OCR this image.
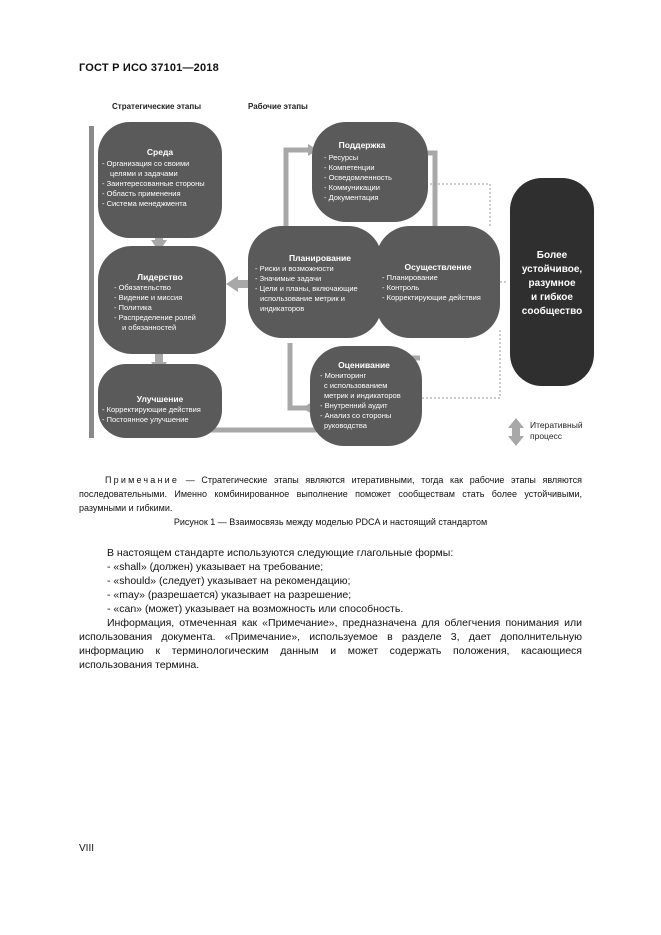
ГОСТ Р ИСО 37101—2018
Стратегические этапы	Рабочие этапы
Среда
- Организация со своими
целями и задачами
- Заинтересованные стороны
- Область применения
- Система менеджмента
Лидерство
- Обязательство
- Видение и миссия
- Политика
- Распределение ролей
и обязанностей
Улучшение
- Корректирующие действия
- Постоянное улучшение
Поддержка
- Ресурсы
- Компетенции
- Осведомленность
- Коммуникации
- Документация
Планирование
- Риски и возможности
- Значимые задачи
- Цели и планы, включающие
использование метрик и
индикаторов
Осуществление
- Планирование
- Контроль
- Корректирующие действия
Оценивание
- Мониторинг
с использованием
метрик и индикаторов
- Внутренний аудит
- Анализ со стороны
руководства
Более
устойчивое,
разумное
и гибкое
сообщество
Итеративный
процесс
Примечание — Стратегические этапы являются итеративными, тогда как рабочие этапы являются последовательными. Именно комбинированное выполнение поможет сообществам стать более устойчивыми, разумными и гибкими.
Рисунок 1 — Взаимосвязь между моделью PDCA и настоящий стандартом

В настоящем стандарте используются следующие глагольные формы:

- «shall» (должен) указывает на требование;
- «should» (следует) указывает на рекомендацию;
- «may» (разрешается) указывает на разрешение;
- «can» (может) указывает на возможность или способность.

Информация, отмеченная как «Примечание», предназначена для облегчения понимания или использования документа. «Примечание», используемое в разделе 3, дает дополнительную информацию к терминологическим данным и может содержать положения, касающиеся использования термина.

VIII
